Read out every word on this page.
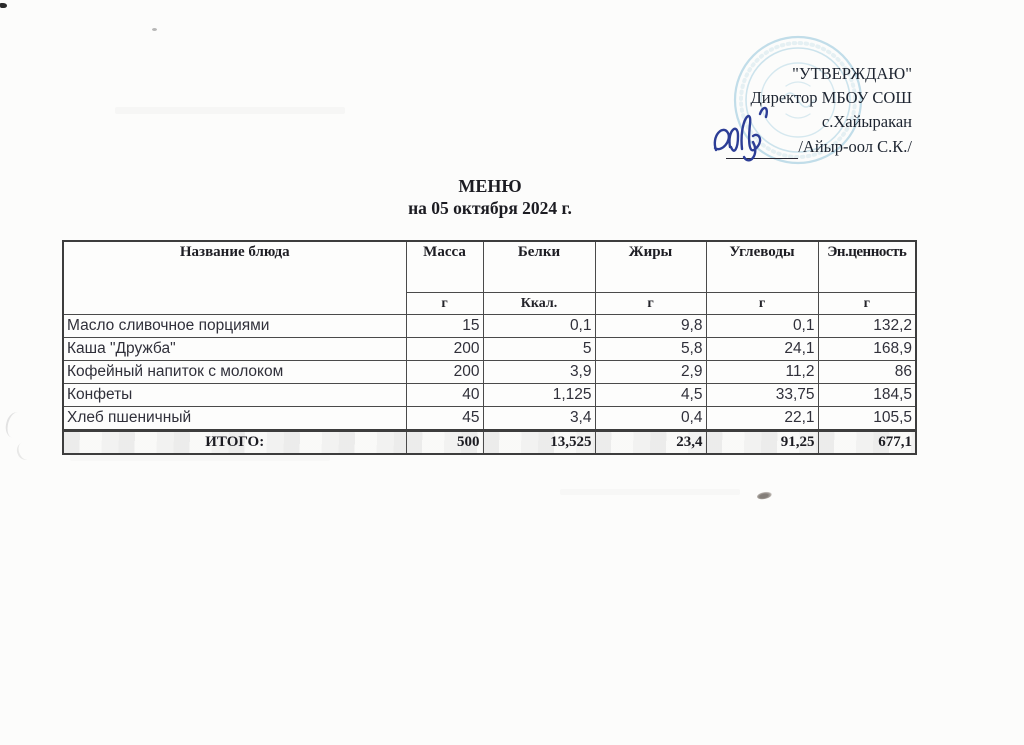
"УТВЕРЖДАЮ"
Директор МБОУ СОШ
с.Хайыракан
/Айыр-оол С.К./
МЕНЮ
на 05 октября 2024 г.
Название блюда	Масса	Белки	Жиры	Углеводы	Эн.ценность
	г	Ккал.	г	г	г
Масло сливочное порциями	15	0,1	9,8	0,1	132,2
Каша "Дружба"	200	5	5,8	24,1	168,9
Кофейный напиток с молоком	200	3,9	2,9	11,2	86
Конфеты	40	1,125	4,5	33,75	184,5
Хлеб пшеничный	45	3,4	0,4	22,1	105,5
ИТОГО:	500	13,525	23,4	91,25	677,1
